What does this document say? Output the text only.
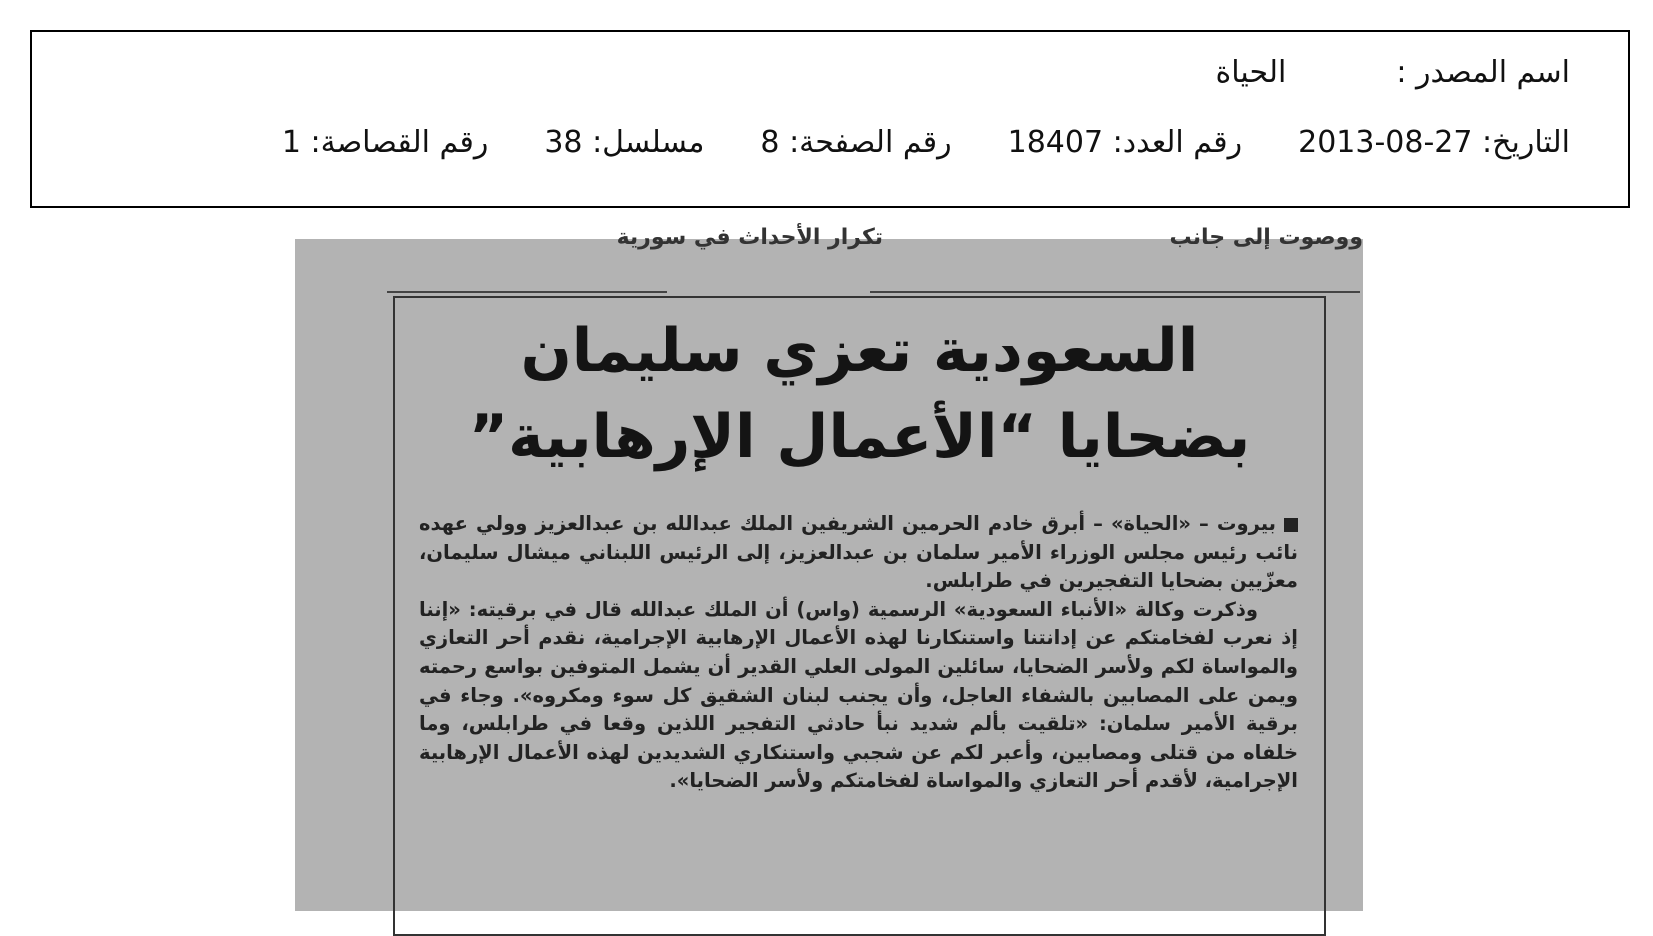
اسم المصدر :
الحياة
التاريخ: 2013-08-27
رقم العدد: 18407
رقم الصفحة: 8
مسلسل: 38
رقم القصاصة: 1
ووصوت إلى جانب
تكرار الأحداث في سورية
السعودية تعزي سليمان
بضحايا “الأعمال الإرهابية”

بيروت – «الحياة» – أبرق خادم الحرمين الشريفين الملك عبدالله بن عبدالعزيز وولي عهده نائب رئيس مجلس الوزراء الأمير سلمان بن عبدالعزيز، إلى الرئيس اللبناني ميشال سليمان، معزّيين بضحايا التفجيرين في طرابلس.

وذكرت وكالة «الأنباء السعودية» الرسمية (واس) أن الملك عبدالله قال في برقيته: «إننا إذ نعرب لفخامتكم عن إدانتنا واستنكارنا لهذه الأعمال الإرهابية الإجرامية، نقدم أحر التعازي والمواساة لكم ولأسر الضحايا، سائلين المولى العلي القدير أن يشمل المتوفين بواسع رحمته ويمن على المصابين بالشفاء العاجل، وأن يجنب لبنان الشقيق كل سوء ومكروه». وجاء في برقية الأمير سلمان: «تلقيت بألم شديد نبأ حادثي التفجير اللذين وقعا في طرابلس، وما خلفاه من قتلى ومصابين، وأعبر لكم عن شجبي واستنكاري الشديدين لهذه الأعمال الإرهابية الإجرامية، لأقدم أحر التعازي والمواساة لفخامتكم ولأسر الضحايا».
